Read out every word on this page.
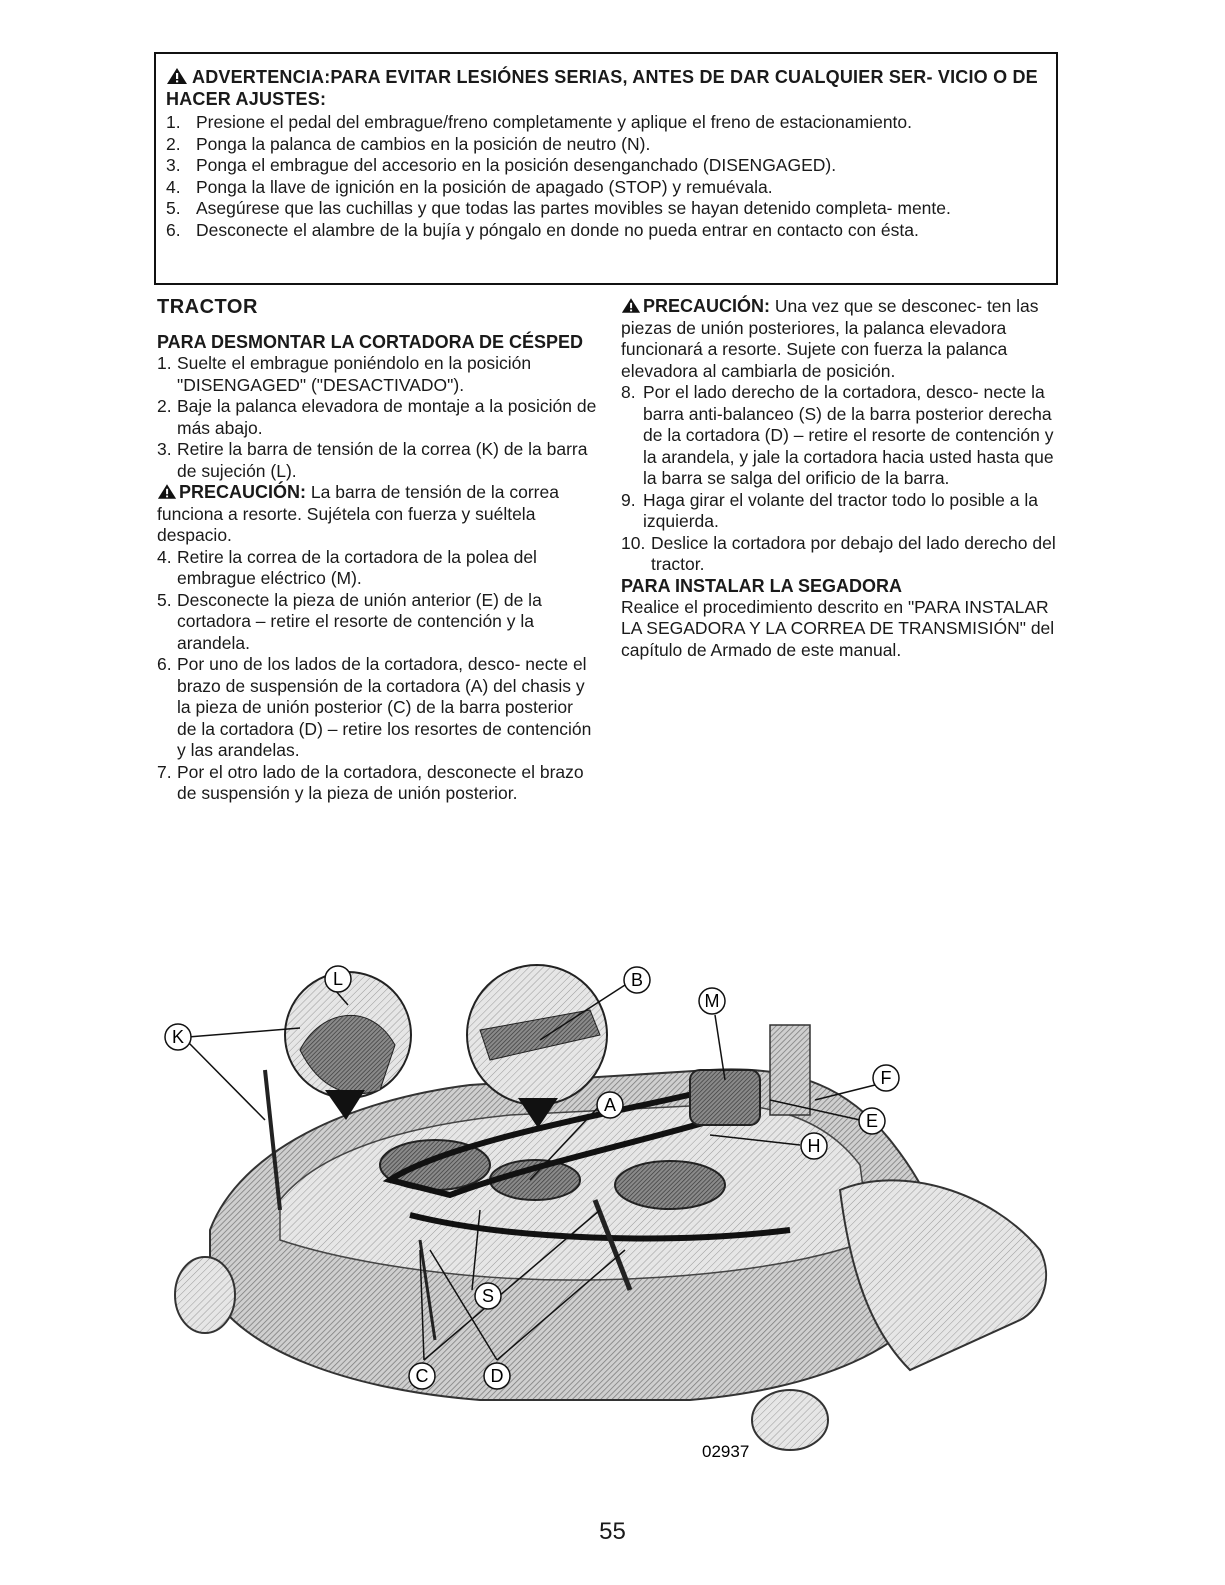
ADVERTENCIA:PARA EVITAR LESIÓNES SERIAS, ANTES DE DAR CUALQUIER SER- VICIO O DE HACER AJUSTES:

1. Presione el pedal del embrague/freno completamente y aplique el freno de estacionamiento.
2. Ponga la palanca de cambios en la posición de neutro (N).
3. Ponga el embrague del accesorio en la posición desenganchado (DISENGAGED).
4. Ponga la llave de ignición en la posición de apagado (STOP) y remuévala.
5. Asegúrese que las cuchillas y que todas las partes movibles se hayan detenido completa- mente.
6. Desconecte el alambre de la bujía y póngalo en donde no pueda entrar en contacto con ésta.
TRACTOR
PARA DESMONTAR LA CORTADORA DE CÉSPED
1. Suelte el embrague poniéndolo en la posición "DISENGAGED" ("DESACTIVADO").
2. Baje la palanca elevadora de montaje a la posición de más abajo.
3. Retire la barra de tensión de la correa (K) de la barra de sujeción (L).

PRECAUCIÓN: La barra de tensión de la correa funciona a resorte. Sujétela con fuerza y suéltela despacio.

4. Retire la correa de la cortadora de la polea del embrague eléctrico (M).
5. Desconecte la pieza de unión anterior (E) de la cortadora – retire el resorte de contención y la arandela.
6. Por uno de los lados de la cortadora, desco- necte el brazo de suspensión de la cortadora (A) del chasis y la pieza de unión posterior (C) de la barra posterior de la cortadora (D) – retire los resortes de contención y las arandelas.
7. Por el otro lado de la cortadora, desconecte el brazo de suspensión y la pieza de unión posterior.

PRECAUCIÓN: Una vez que se desconec- ten las piezas de unión posteriores, la palanca elevadora funcionará a resorte. Sujete con fuerza la palanca elevadora al cambiarla de posición.

8. Por el lado derecho de la cortadora, desco- necte la barra anti-balanceo (S) de la barra posterior derecha de la cortadora (D) – retire el resorte de contención y la arandela, y jale la cortadora hacia usted hasta que la barra se salga del orificio de la barra.
9. Haga girar el volante del tractor todo lo posible a la izquierda.
10. Deslice la cortadora por debajo del lado derecho del tractor.
PARA INSTALAR LA SEGADORA

Realice el procedimiento descrito en "PARA INSTALAR LA SEGADORA Y LA CORREA DE TRANSMISIÓN" del capítulo de Armado de este manual.

K
L	B
M
F
A
E
H
S
C	D
02937
55
